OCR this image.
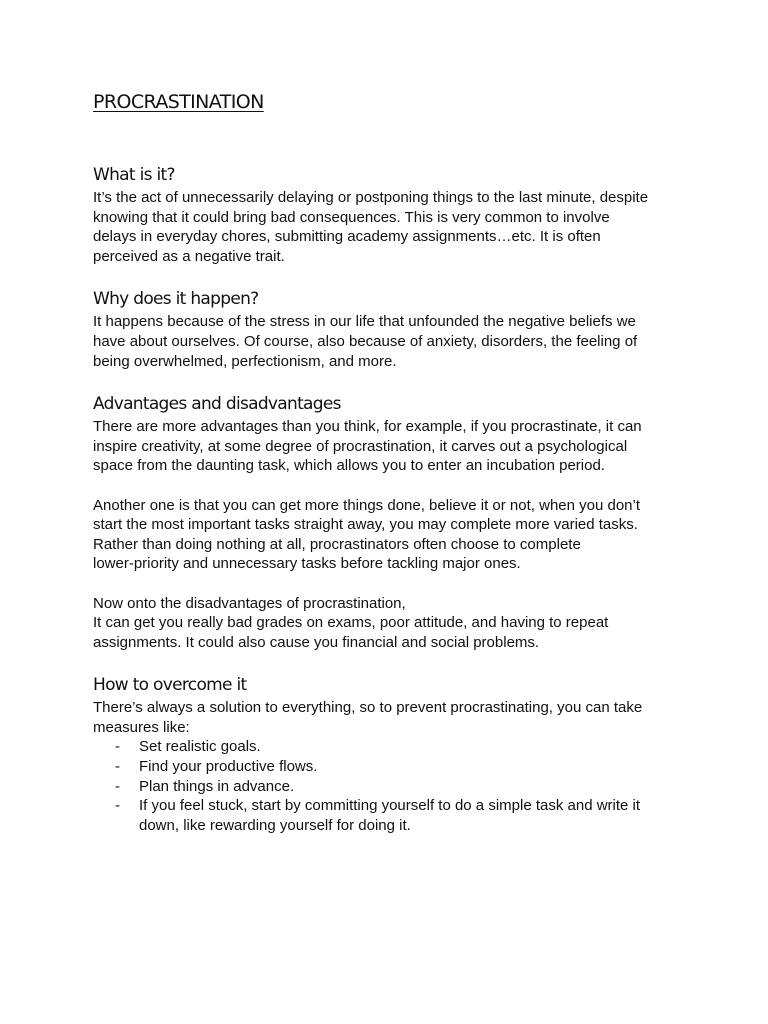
PROCRASTINATION
What is it?

It’s the act of unnecessarily delaying or postponing things to the last minute, despite
knowing that it could bring bad consequences. This is very common to involve
delays in everyday chores, submitting academy assignments…etc. It is often
perceived as a negative trait.

Why does it happen?

It happens because of the stress in our life that unfounded the negative beliefs we
have about ourselves. Of course, also because of anxiety, disorders, the feeling of
being overwhelmed, perfectionism, and more.

Advantages and disadvantages

There are more advantages than you think, for example, if you procrastinate, it can
inspire creativity, at some degree of procrastination, it carves out a psychological
space from the daunting task, which allows you to enter an incubation period.

Another one is that you can get more things done, believe it or not, when you don’t
start the most important tasks straight away, you may complete more varied tasks.
Rather than doing nothing at all, procrastinators often choose to complete
lower-priority and unnecessary tasks before tackling major ones.

Now onto the disadvantages of procrastination,
It can get you really bad grades on exams, poor attitude, and having to repeat
assignments. It could also cause you financial and social problems.

How to overcome it

There’s always a solution to everything, so to prevent procrastinating, you can take
measures like:

- Set realistic goals.
- Find your productive flows.
- Plan things in advance.
- If you feel stuck, start by committing yourself to do a simple task and write it down, like rewarding yourself for doing it.
